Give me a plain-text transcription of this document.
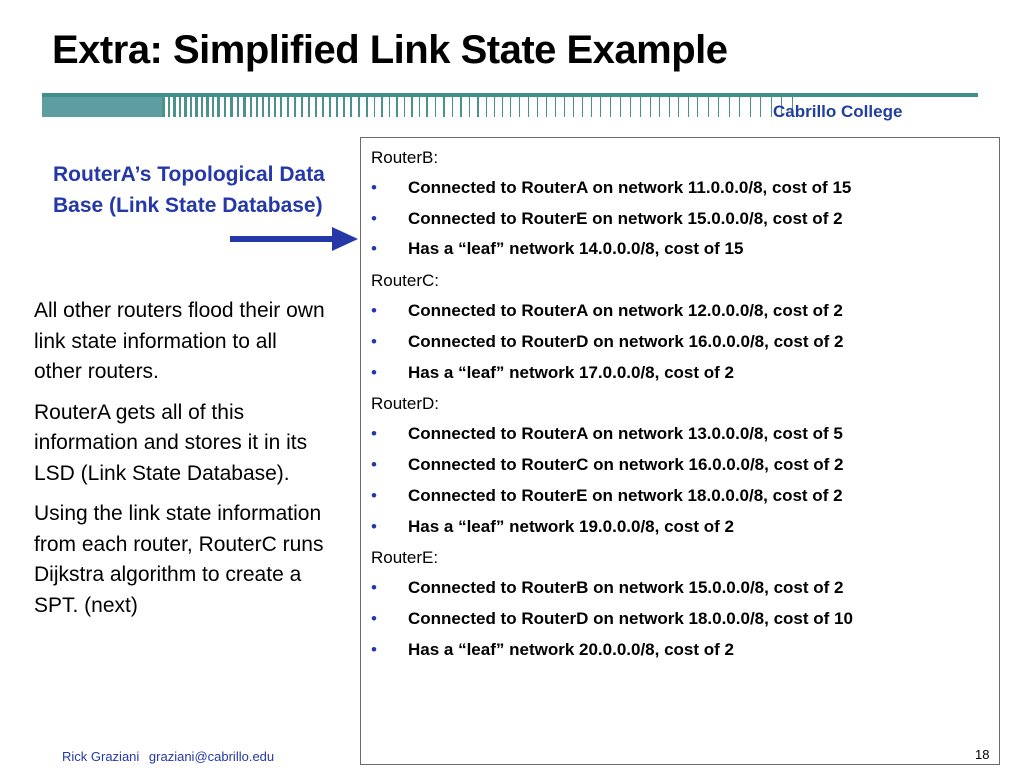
Extra: Simplified Link State Example

Cabrillo College

RouterA’s Topological Data Base (Link State Database)

All other routers flood their own link state information to all other routers.

RouterA gets all of this information and stores it in its LSD (Link State Database).

Using the link state information from each router, RouterC runs Dijkstra algorithm to create a SPT. (next)

18

RouterB:

• Connected to RouterA on network 11.0.0.0/8, cost of 15
• Connected to RouterE on network 15.0.0.0/8, cost of 2
• Has a “leaf” network 14.0.0.0/8, cost of 15

RouterC:

• Connected to RouterA on network 12.0.0.0/8, cost of 2
• Connected to RouterD on network 16.0.0.0/8, cost of 2
• Has a “leaf” network 17.0.0.0/8, cost of 2

RouterD:

• Connected to RouterA on network 13.0.0.0/8, cost of 5
• Connected to RouterC on network 16.0.0.0/8, cost of 2
• Connected to RouterE on network 18.0.0.0/8, cost of 2
• Has a “leaf” network 19.0.0.0/8, cost of 2

RouterE:

• Connected to RouterB on network 15.0.0.0/8, cost of 2
• Connected to RouterD on network 18.0.0.0/8, cost of 10
• Has a “leaf” network 20.0.0.0/8, cost of 2

Rick Graziani graziani@cabrillo.edu
